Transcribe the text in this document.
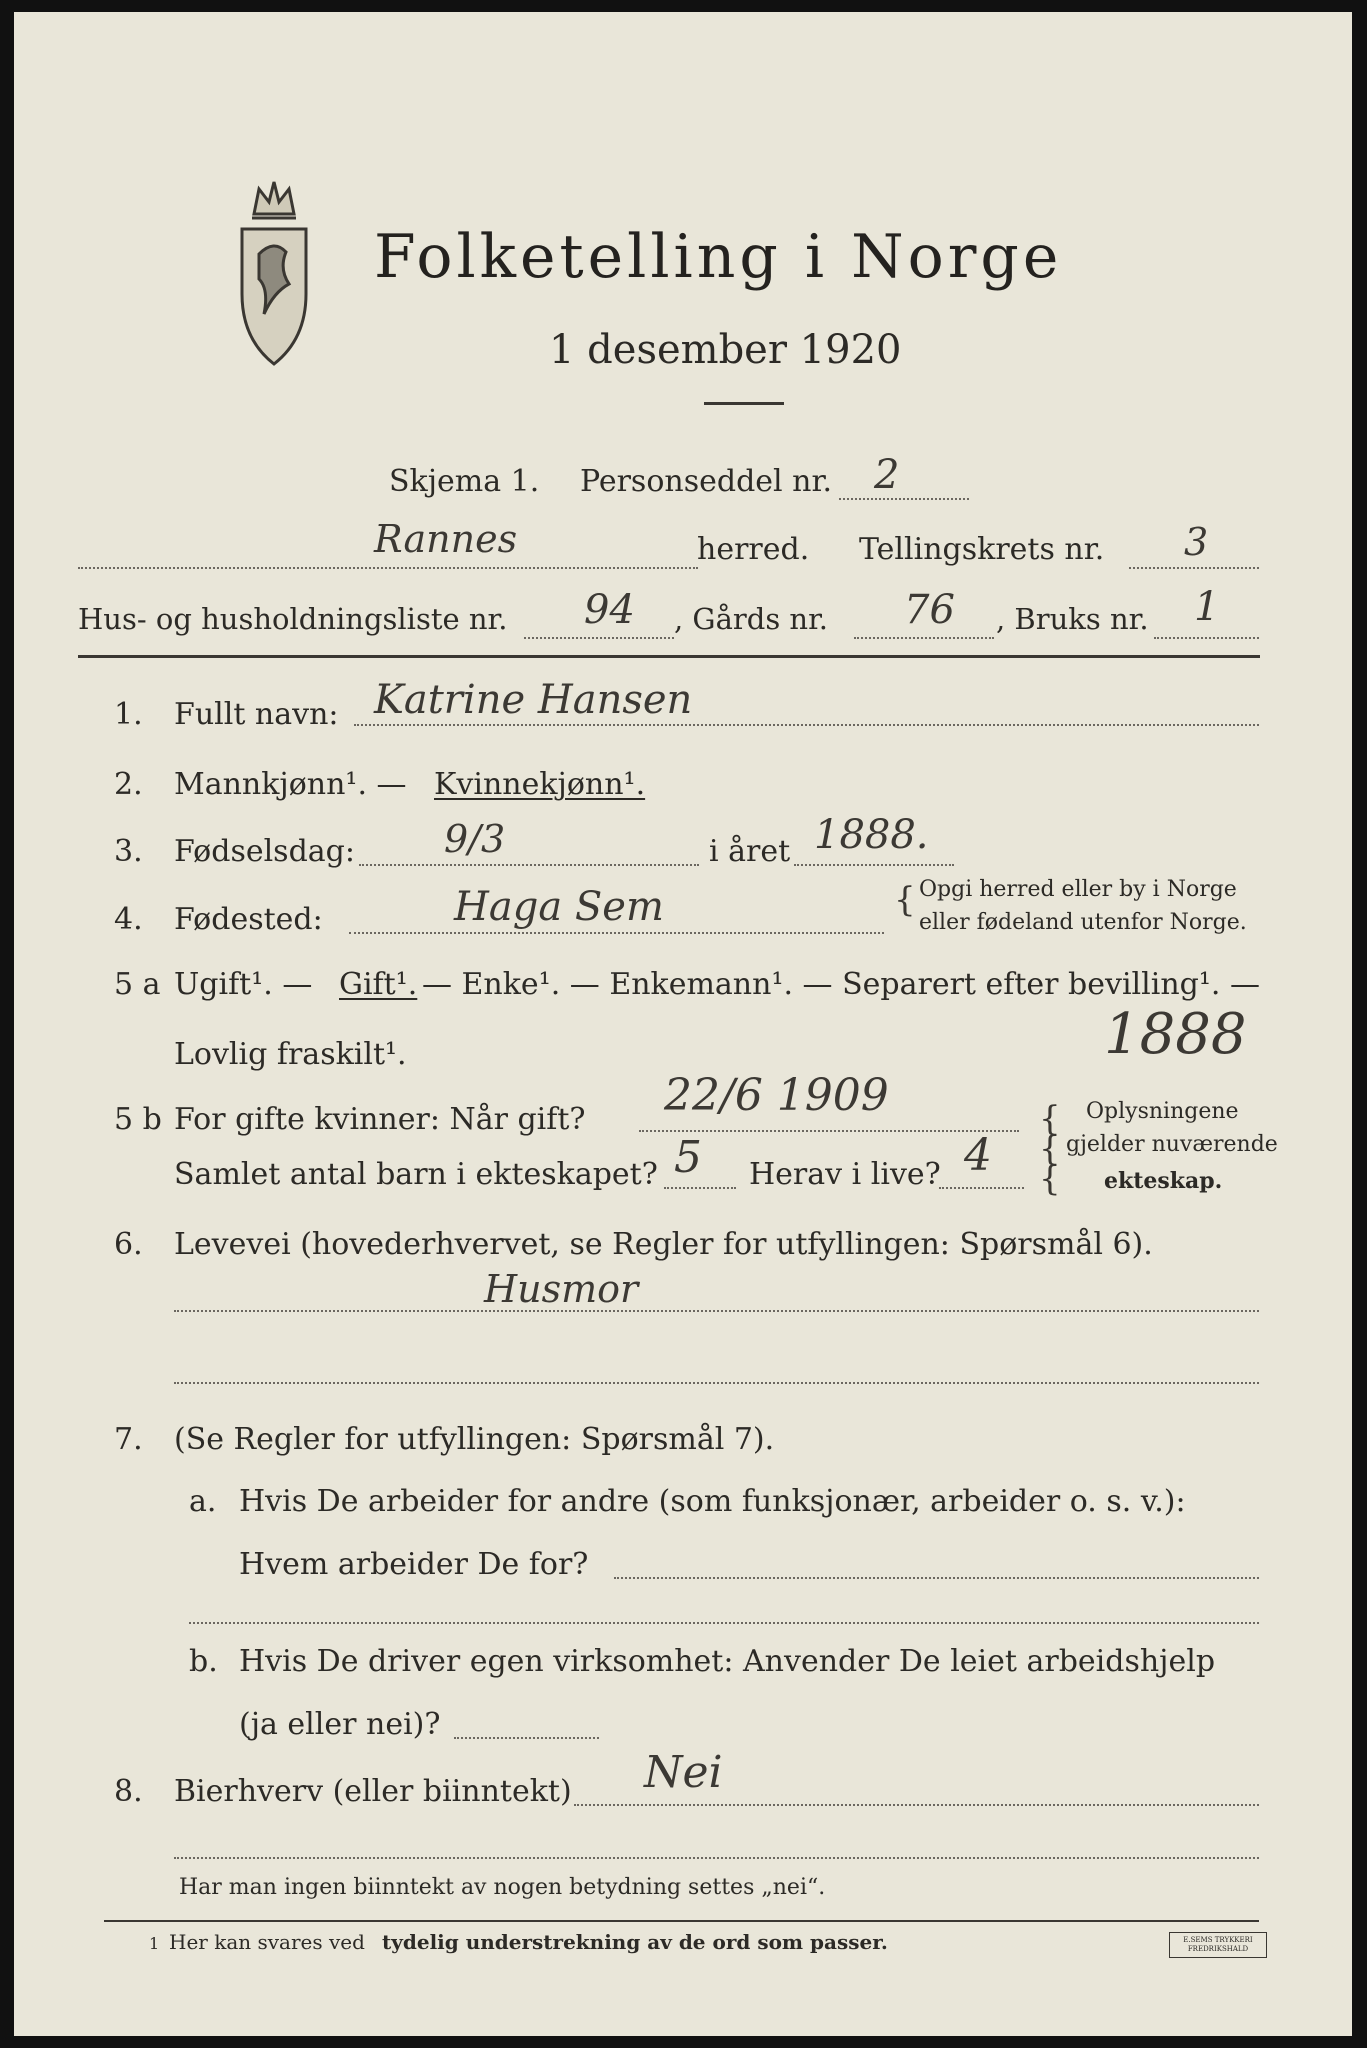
Folketelling i Norge
1 desember 1920
Skjema 1. Personseddel nr. 2
Rannes	herred. Tellingskrets nr. 3
Hus- og husholdningsliste nr. 94 , Gårds nr. 76 , Bruks nr. 1
1. Fullt navn: Katrine Hansen
2. Mannkjønn¹. — Kvinnekjønn¹.
3. Fødselsdag: 9/3	i året 1888.
4. Fødested:	Haga Sem	{ Opgi herred eller by i Norge
eller fødeland utenfor Norge.
5 a Ugift¹. — Gift¹. — Enke¹. — Enkemann¹. — Separert efter bevilling¹. —
Lovlig fraskilt¹.	1888
5 b For gifte kvinner: Når gift? 22/6 1909
Samlet antal barn i ekteskapet? 5 Herav i live? 4
{
{
{
Oplysningene
gjelder nuværende
ekteskap.
6. Levevei (hovederhvervet, se Regler for utfyllingen: Spørsmål 6).
Husmor
7. (Se Regler for utfyllingen: Spørsmål 7).
a. Hvis De arbeider for andre (som funksjonær, arbeider o. s. v.):
Hvem arbeider De for?
b. Hvis De driver egen virksomhet: Anvender De leiet arbeidshjelp
(ja eller nei)?
8. Bierhverv (eller biinntekt) Nei
Har man ingen biinntekt av nogen betydning settes „nei“.
1 Her kan svares ved tydelig understrekning av de ord som passer.	E.SEMS TRYKKERI FREDRIKSHALD
